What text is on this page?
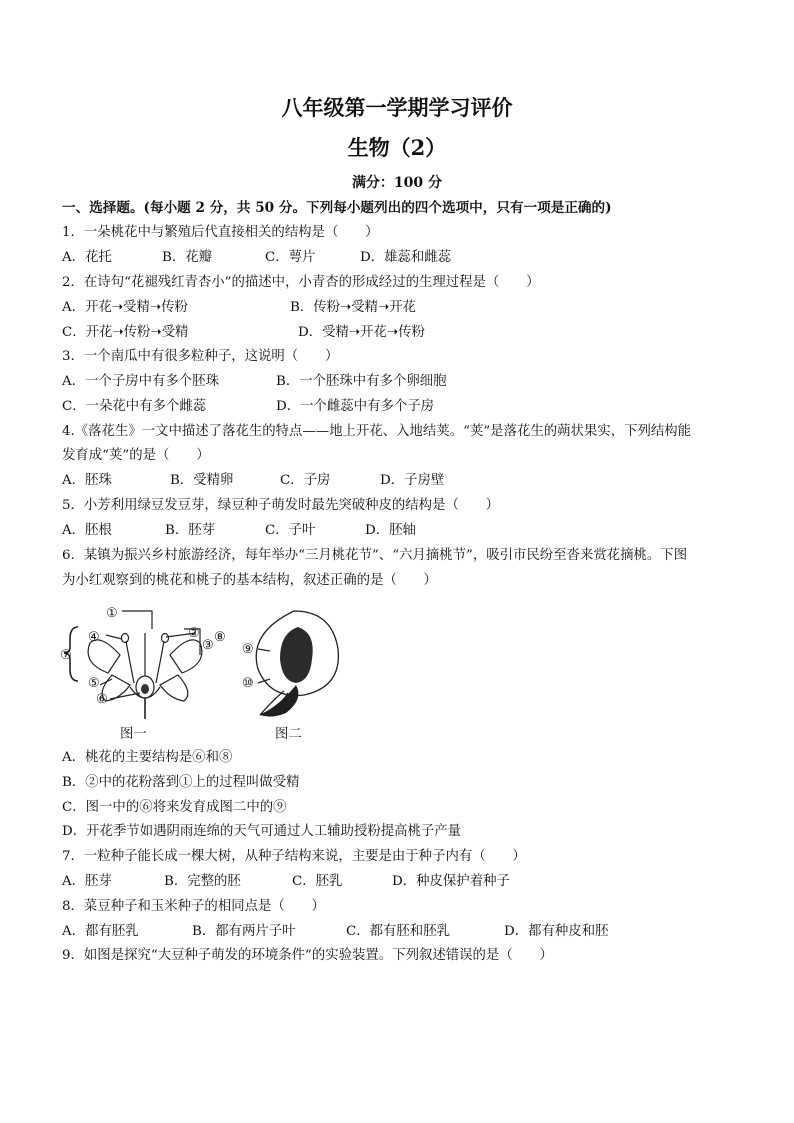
八年级第一学期学习评价
生物（2）
满分：100 分
一、选择题。(每小题 2 分，共 50 分。下列每小题列出的四个选项中，只有一项是正确的)
1．一朵桃花中与繁殖后代直接相关的结构是（　　）
A．花托	B．花瓣	C．萼片	D．雄蕊和雌蕊
2．在诗句“花褪残红青杏小”的描述中，小青杏的形成经过的生理过程是（　　）
A．开花➝受精➝传粉	B．传粉➝受精➝开花
C．开花➝传粉➝受精	D．受精➝开花➝传粉
3．一个南瓜中有很多粒种子，这说明（　　）
A．一个子房中有多个胚珠	B．一个胚珠中有多个卵细胞
C．一朵花中有多个雌蕊	D．一个雌蕊中有多个子房
4.《落花生》一文中描述了落花生的特点——地上开花、入地结荚。“荚”是落花生的蒴状果实，下列结构能
发育成“荚”的是（　　）
A．胚珠	B．受精卵	C．子房	D．子房壁
5．小芳利用绿豆发豆芽，绿豆种子萌发时最先突破种皮的结构是（　　）
A．胚根	B．胚芽	C．子叶	D．胚轴
6．某镇为振兴乡村旅游经济，每年举办“三月桃花节”、“六月摘桃节”，吸引市民纷至沓来赏花摘桃。下图
为小红观察到的桃花和桃子的基本结构，叙述正确的是（　　）
①
②
③
④
⑤
⑥
⑦
⑧
图一
⑨
⑩
图二
A．桃花的主要结构是⑥和⑧
B．②中的花粉落到①上的过程叫做受精
C．图一中的⑥将来发育成图二中的⑨
D．开花季节如遇阴雨连绵的天气可通过人工辅助授粉提高桃子产量
7．一粒种子能长成一棵大树，从种子结构来说，主要是由于种子内有（　　）
A．胚芽	B．完整的胚	C．胚乳	D．种皮保护着种子
8．菜豆种子和玉米种子的相同点是（　　）
A．都有胚乳	B．都有两片子叶	C．都有胚和胚乳	D．都有种皮和胚
9．如图是探究“大豆种子萌发的环境条件”的实验装置。下列叙述错误的是（　　）
